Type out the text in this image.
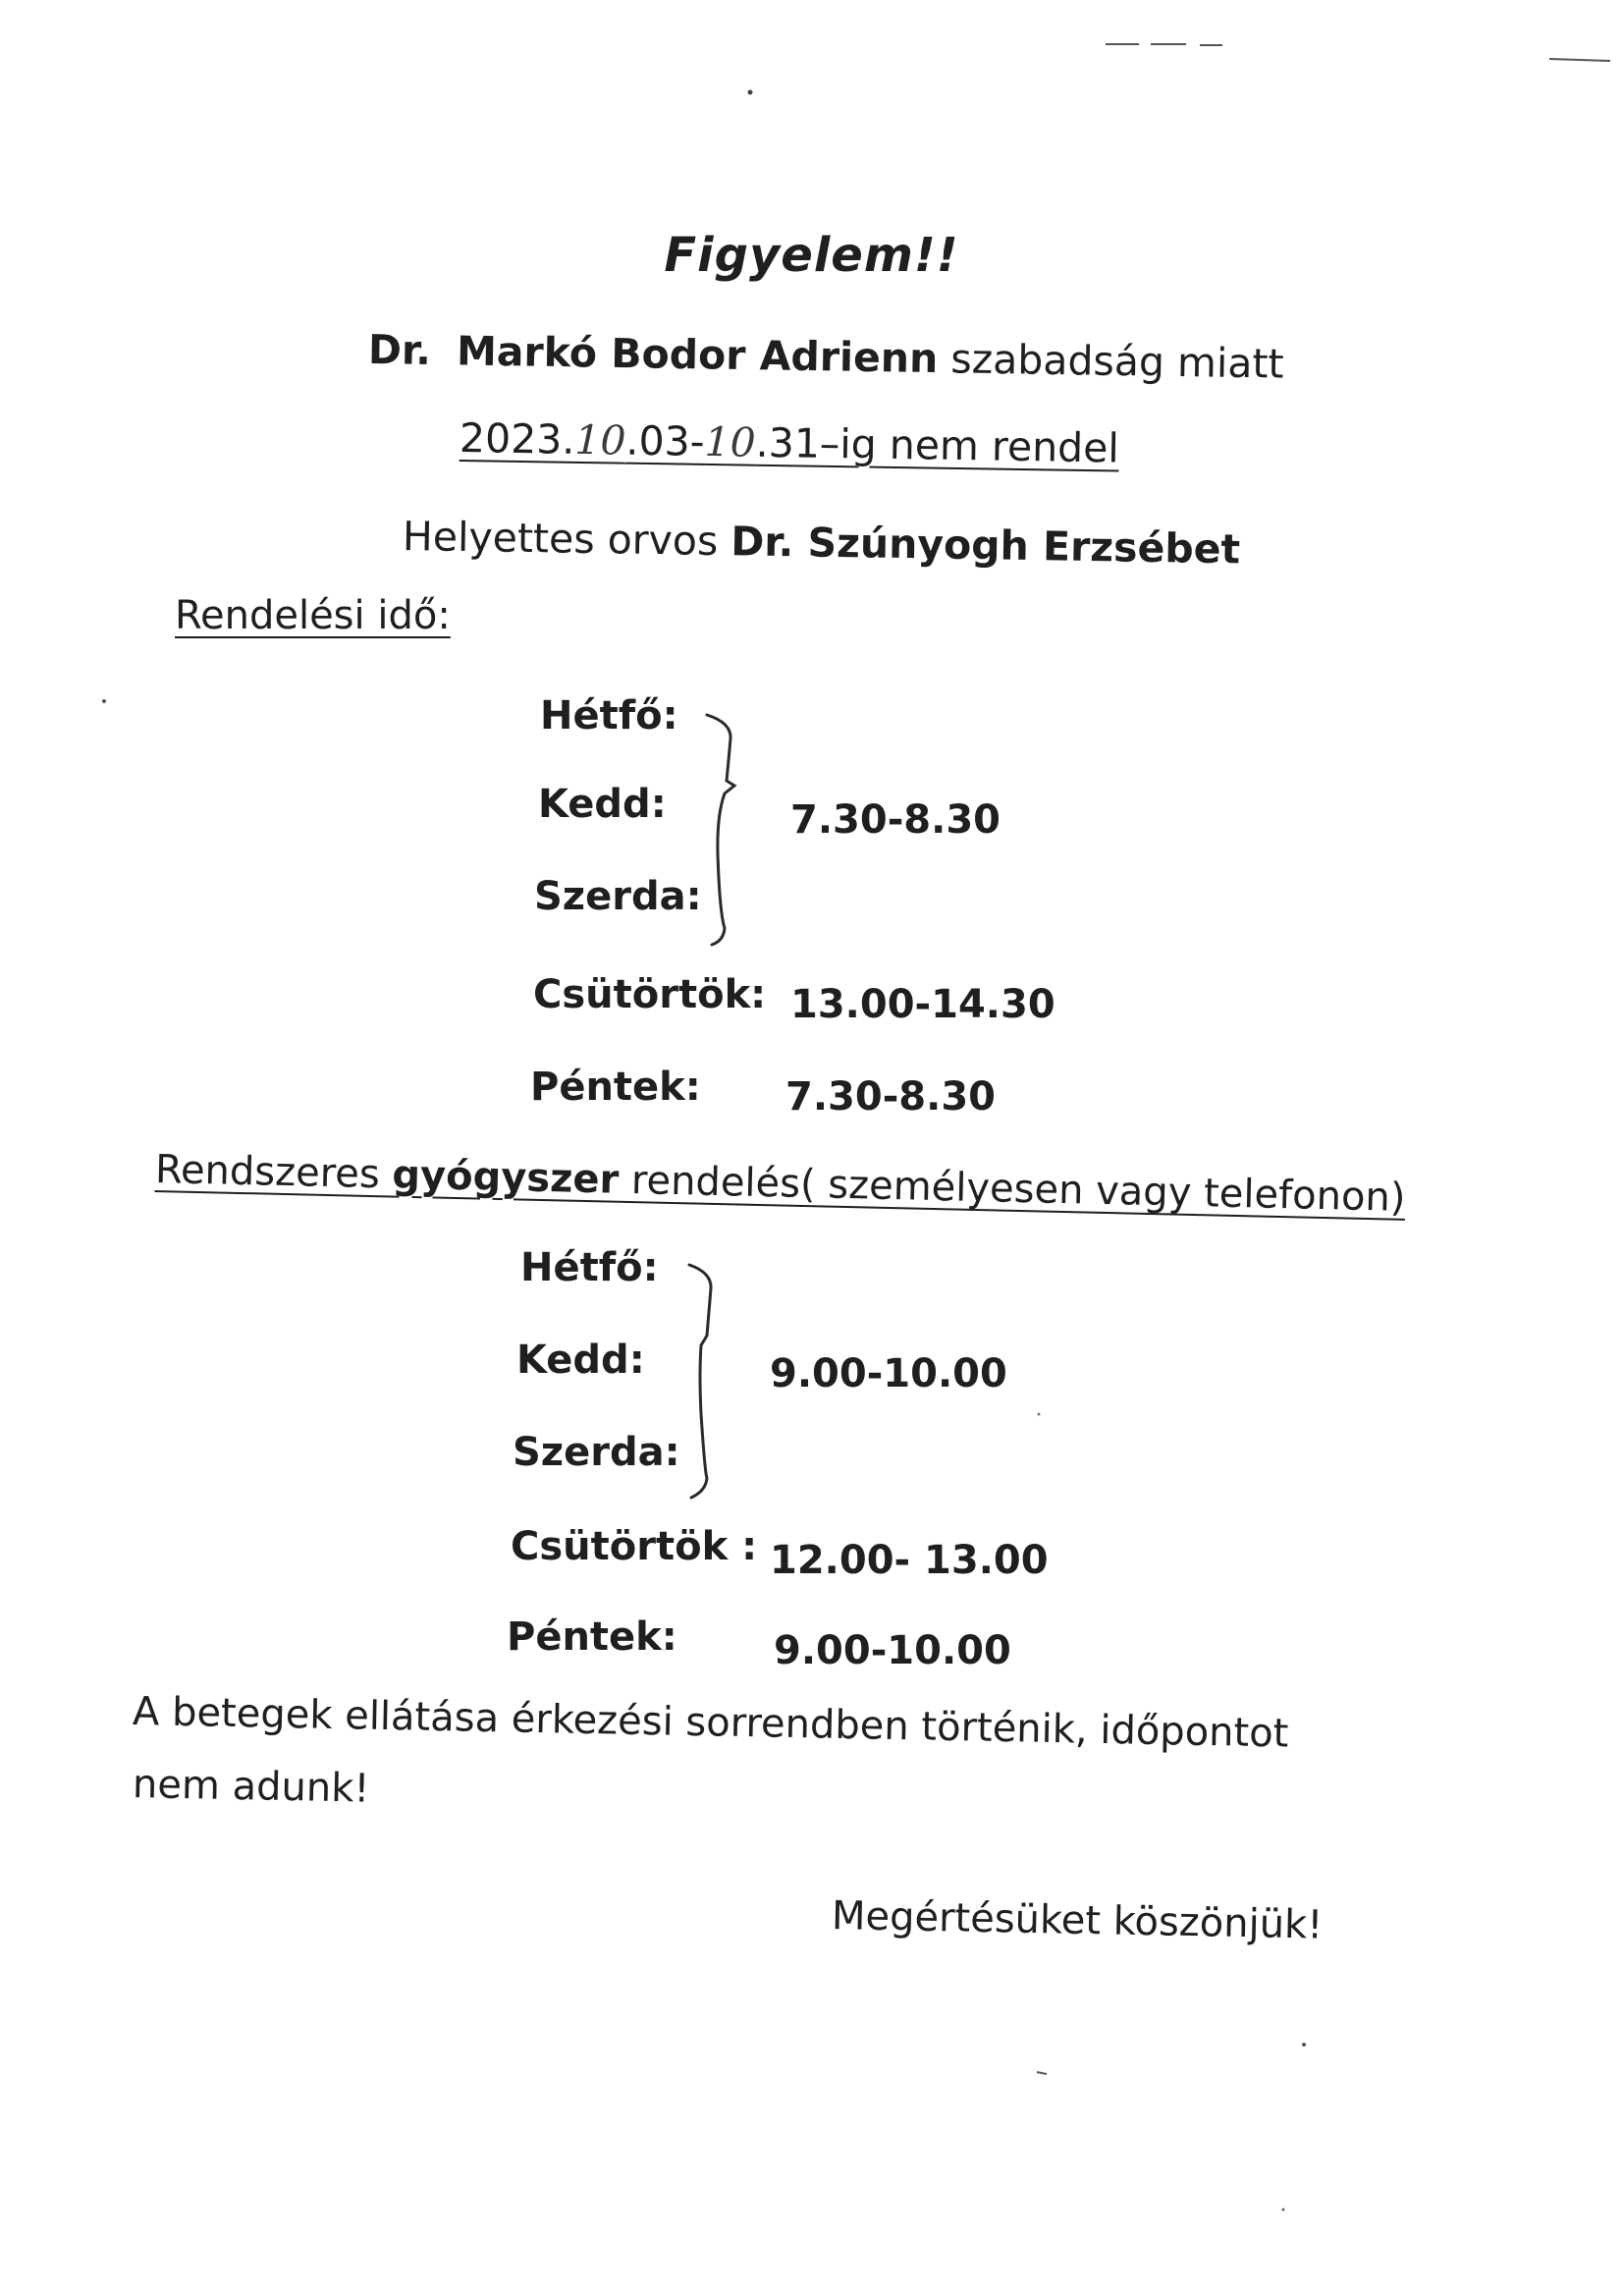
Figyelem!!
Dr. Markó Bodor Adrienn szabadság miatt
2023.10.03-10.31–ig nem rendel
Helyettes orvos Dr. Szúnyogh Erzsébet
Rendelési idő:
Hétfő:
Kedd:
Szerda:
Csütörtök:
Péntek:
7.30-8.30
13.00-14.30
7.30-8.30
Rendszeres gyógyszer rendelés( személyesen vagy telefonon)
Hétfő:
Kedd:
Szerda:
Csütörtök :
Péntek:
9.00-10.00
12.00- 13.00
9.00-10.00
A betegek ellátása érkezési sorrendben történik, időpontot
nem adunk!
Megértésüket köszönjük!
